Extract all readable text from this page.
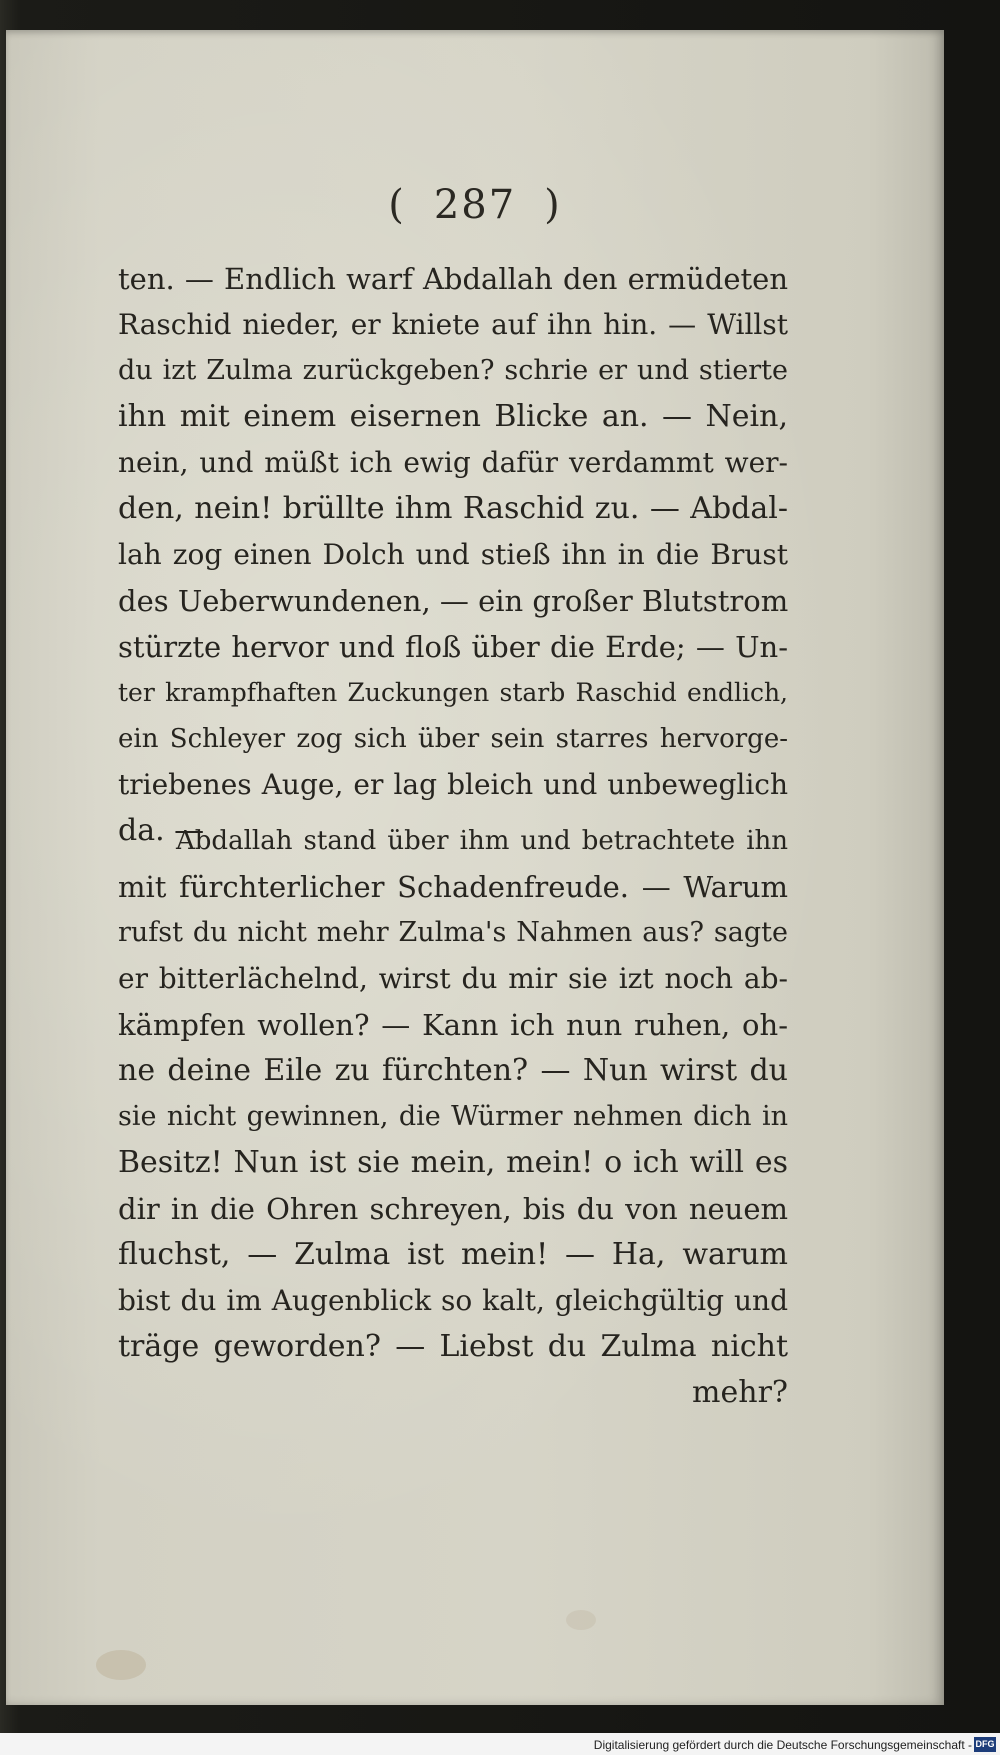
( 287 )
ten. — Endlich warf Abdallah den ermüdeten
Raschid nieder, er kniete auf ihn hin. — Willst
du izt Zulma zurückgeben? schrie er und stierte
ihn mit einem eisernen Blicke an. — Nein,
nein, und müßt ich ewig dafür verdammt wer-
den, nein! brüllte ihm Raschid zu. — Abdal-
lah zog einen Dolch und stieß ihn in die Brust
des Ueberwundenen, — ein großer Blutstrom
stürzte hervor und floß über die Erde; — Un-
ter krampfhaften Zuckungen starb Raschid endlich,
ein Schleyer zog sich über sein starres hervorge-
triebenes Auge, er lag bleich und unbeweglich
da. —
Abdallah stand über ihm und betrachtete ihn
mit fürchterlicher Schadenfreude. — Warum
rufst du nicht mehr Zulma's Nahmen aus? sagte
er bitterlächelnd, wirst du mir sie izt noch ab-
kämpfen wollen? — Kann ich nun ruhen, oh-
ne deine Eile zu fürchten? — Nun wirst du
sie nicht gewinnen, die Würmer nehmen dich in
Besitz! Nun ist sie mein, mein! o ich will es
dir in die Ohren schreyen, bis du von neuem
fluchst, — Zulma ist mein! — Ha, warum
bist du im Augenblick so kalt, gleichgültig und
träge geworden? — Liebst du Zulma nicht
mehr?
Digitalisierung gefördert durch die Deutsche Forschungsgemeinschaft - DFG
